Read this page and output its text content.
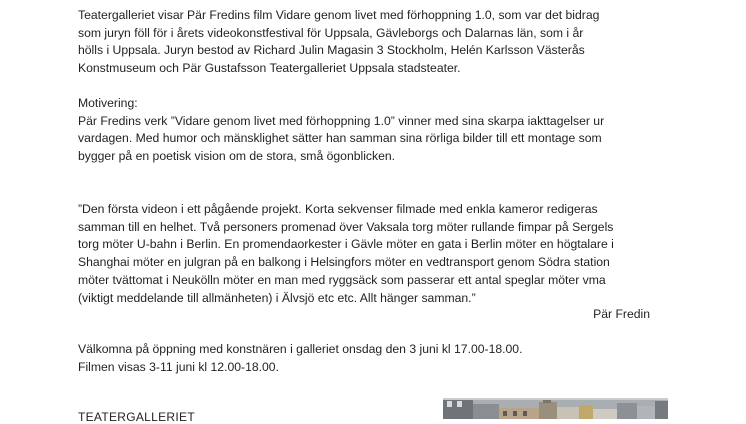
Teatergalleriet visar Pär Fredins film Vidare genom livet med förhoppning 1.0, som var det bidrag
som juryn föll för i årets videokonstfestival för Uppsala, Gävleborgs och Dalarnas län, som i år
hölls i Uppsala. Juryn bestod av Richard Julin Magasin 3 Stockholm, Helén Karlsson Västerås
Konstmuseum och Pär Gustafsson Teatergalleriet Uppsala stadsteater.
Motivering:
Pär Fredins verk ”Vidare genom livet med förhoppning 1.0” vinner med sina skarpa iakttagelser ur
vardagen. Med humor och mänsklighet sätter han samman sina rörliga bilder till ett montage som
bygger på en poetisk vision om de stora, små ögonblicken.
”Den första videon i ett pågående projekt. Korta sekvenser filmade med enkla kameror redigeras
samman till en helhet. Två personers promenad över Vaksala torg möter rullande fimpar på Sergels
torg möter U-bahn i Berlin. En promendaorkester i Gävle möter en gata i Berlin möter en högtalare i
Shanghai möter en julgran på en balkong i Helsingfors möter en vedtransport genom Södra station
möter tvättomat i Neukölln möter en man med ryggsäck som passerar ett antal speglar möter vma
(viktigt meddelande till allmänheten) i Älvsjö etc etc. Allt hänger samman.”
Pär Fredin
Välkomna på öppning med konstnären i galleriet onsdag den 3 juni kl 17.00-18.00.
Filmen visas 3-11 juni kl 12.00-18.00.
TEATERGALLERIET
